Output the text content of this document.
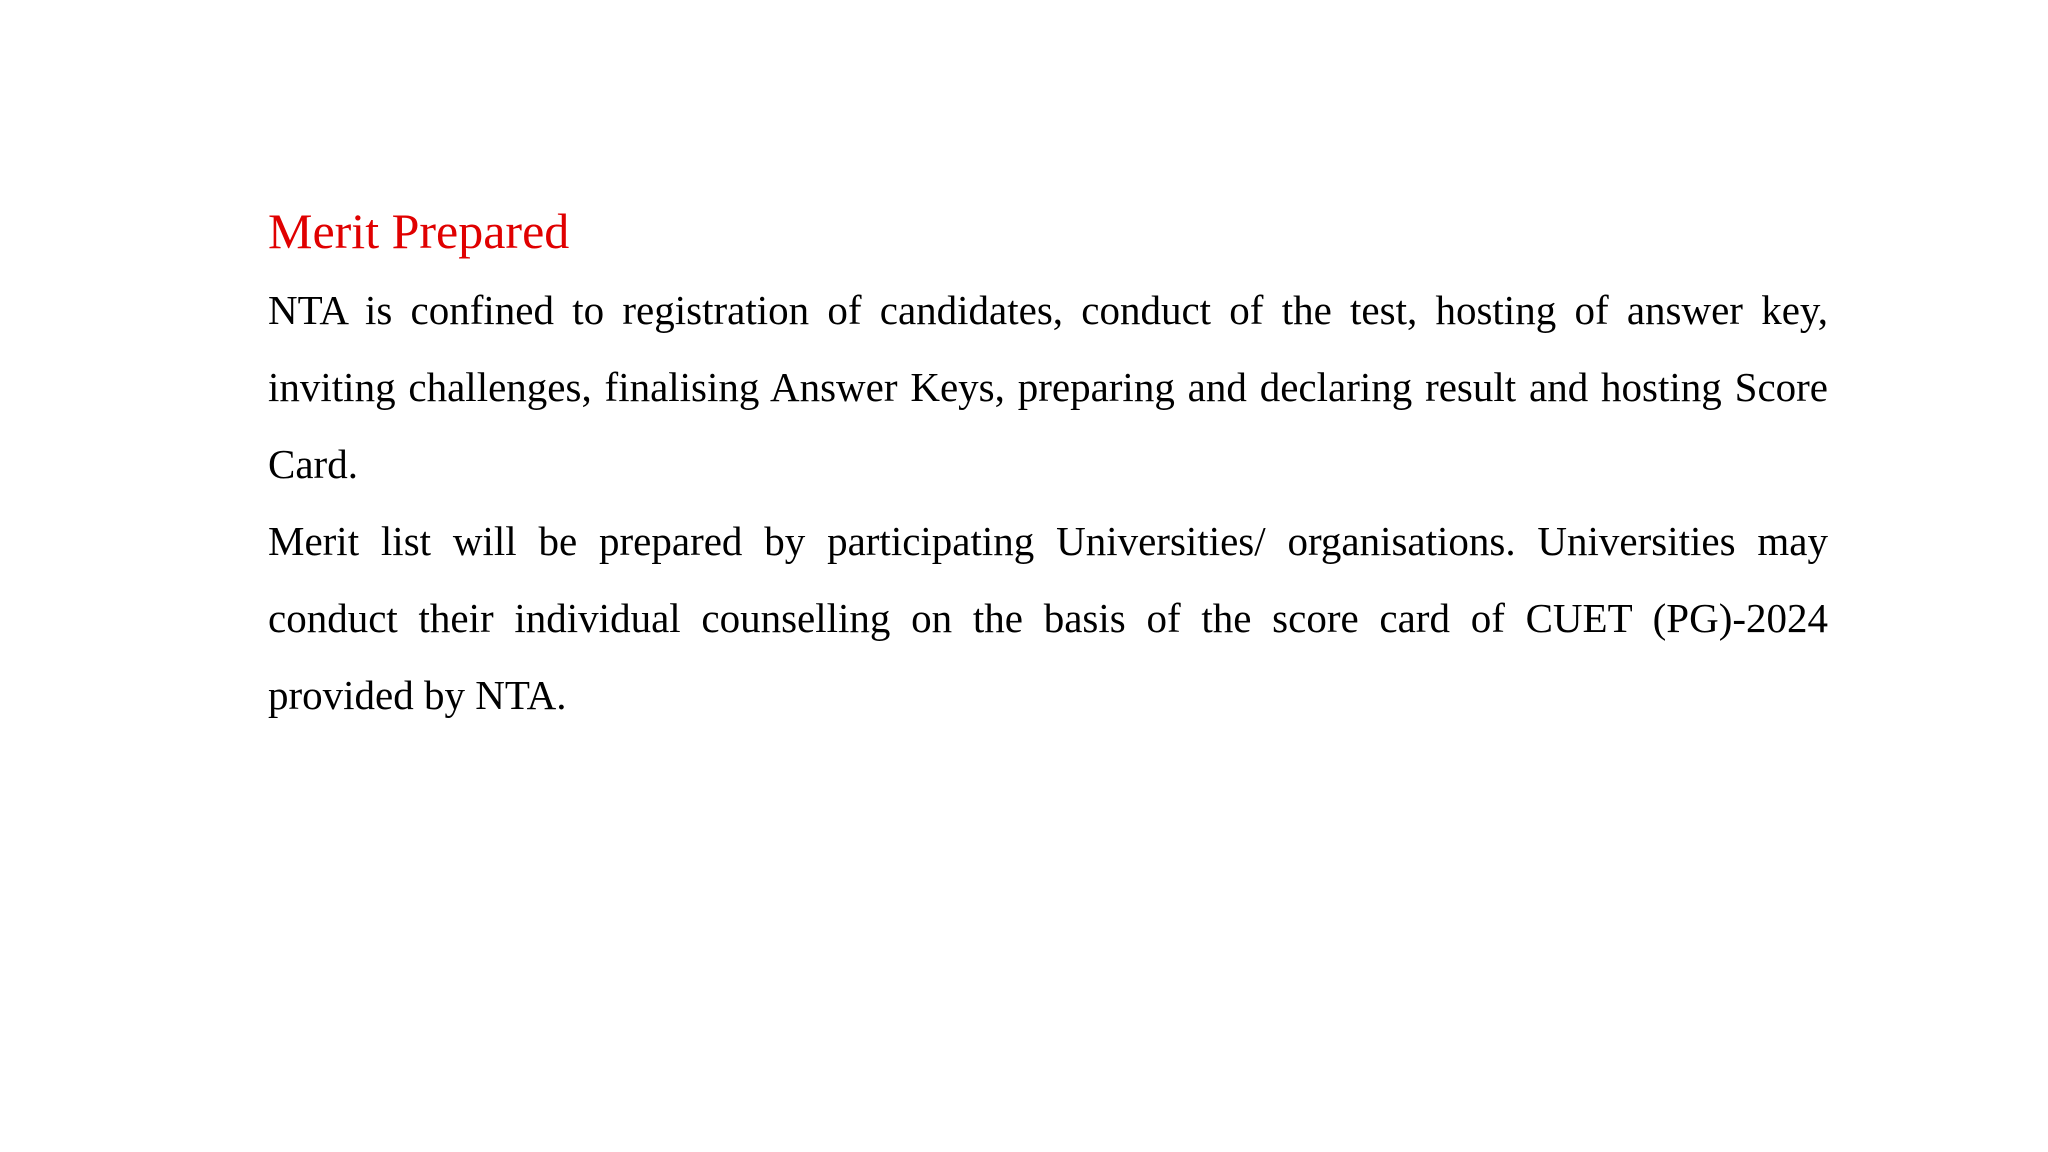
Merit Prepared

NTA is confined to registration of candidates, conduct of the test, hosting of answer key, inviting challenges, finalising Answer Keys, preparing and declaring result and hosting Score Card.

Merit list will be prepared by participating Universities/ organisations. Universities may conduct their individual counselling on the basis of the score card of CUET (PG)-2024 provided by NTA.
